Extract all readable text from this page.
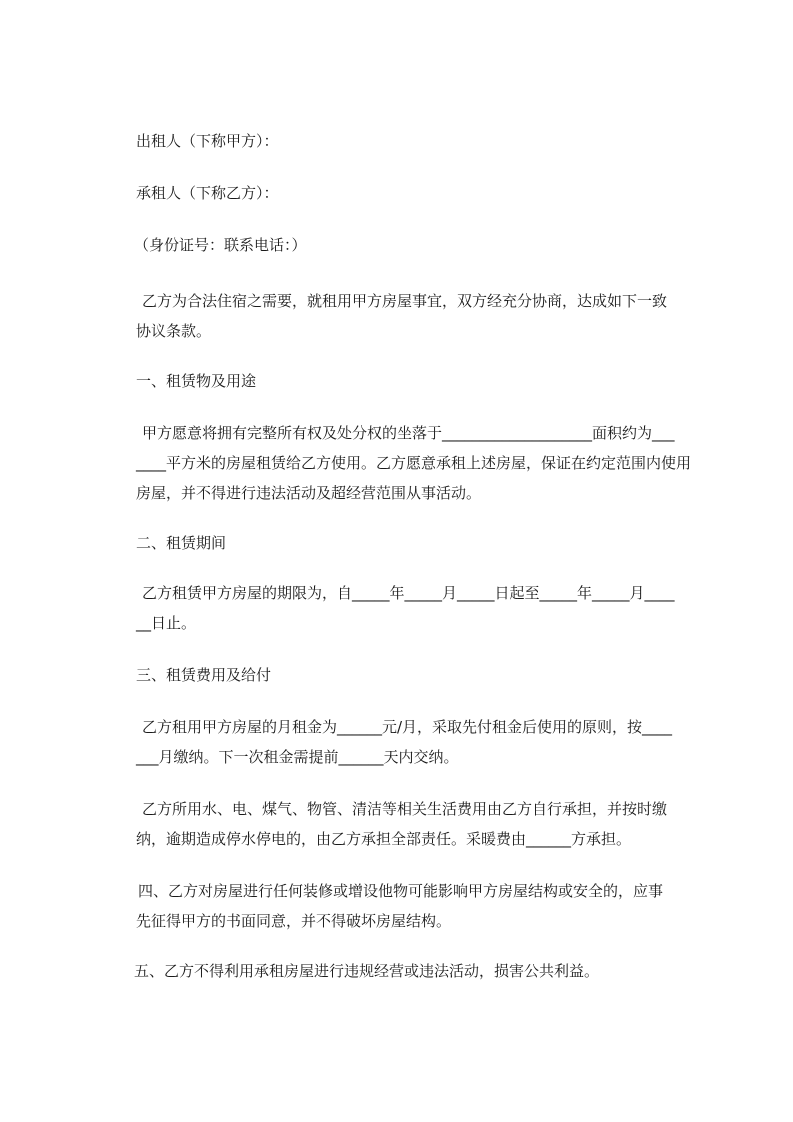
出租人（下称甲方）：

承租人（下称乙方）：

（身份证号：联系电话：）

乙方为合法住宿之需要，就租用甲方房屋事宜，双方经充分协商，达成如下一致
协议条款。

一、租赁物及用途

甲方愿意将拥有完整所有权及处分权的坐落于____________________面积约为___
____平方米的房屋租赁给乙方使用。乙方愿意承租上述房屋，保证在约定范围内使用
房屋，并不得进行违法活动及超经营范围从事活动。

二、租赁期间

乙方租赁甲方房屋的期限为，自_____年_____月_____日起至_____年_____月____
__日止。

三、租赁费用及给付

乙方租用甲方房屋的月租金为______元/月，采取先付租金后使用的原则，按____
___月缴纳。下一次租金需提前______天内交纳。
乙方所用水、电、煤气、物管、清洁等相关生活费用由乙方自行承担，并按时缴
纳，逾期造成停水停电的，由乙方承担全部责任。采暖费由______方承担。
四、乙方对房屋进行任何装修或增设他物可能影响甲方房屋结构或安全的，应事
先征得甲方的书面同意，并不得破坏房屋结构。

五、乙方不得利用承租房屋进行违规经营或违法活动，损害公共利益。
